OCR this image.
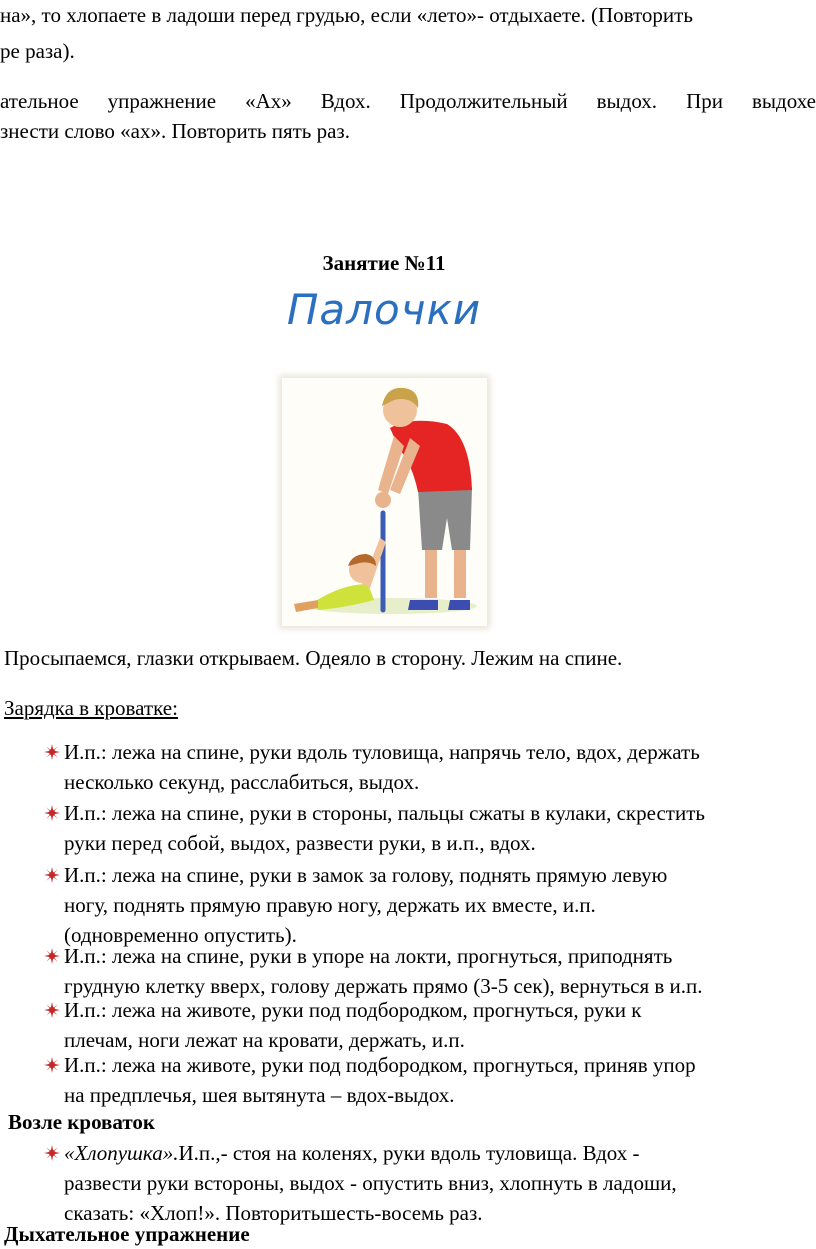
на», то хлопаете в ладоши перед грудью, если «лето»- отдыхаете. (Повторить
ре раза).
ательное упражнение «Ах» Вдох. Продолжительный выдох. При выдохе
знести слово «ах». Повторить пять раз.
Занятие №11
Палочки
Просыпаемся, глазки открываем. Одеяло в сторону. Лежим на спине.
Зарядка в кроватке:
И.п.: лежа на спине, руки вдоль туловища, напрячь тело, вдох, держать
несколько секунд, расслабиться, выдох.
И.п.: лежа на спине, руки в стороны, пальцы сжаты в кулаки, скрестить
руки перед собой, выдох, развести руки, в и.п., вдох.
И.п.: лежа на спине, руки в замок за голову, поднять прямую левую
ногу, поднять прямую правую ногу, держать их вместе, и.п.
(одновременно опустить).
И.п.: лежа на спине, руки в упоре на локти, прогнуться, приподнять
грудную клетку вверх, голову держать прямо (3-5 сек), вернуться в и.п.
И.п.: лежа на животе, руки под подбородком, прогнуться, руки к
плечам, ноги лежат на кровати, держать, и.п.
И.п.: лежа на животе, руки под подбородком, прогнуться, приняв упор
на предплечья, шея вытянута – вдох-выдох.
Возле кроваток
«Хлопушка».И.п.,- стоя на коленях, руки вдоль туловища. Вдох -
развести руки встороны, выдох - опустить вниз, хлопнуть в ладоши,
сказать: «Хлоп!». Повторитьшесть-восемь раз.
Дыхательное упражнение
